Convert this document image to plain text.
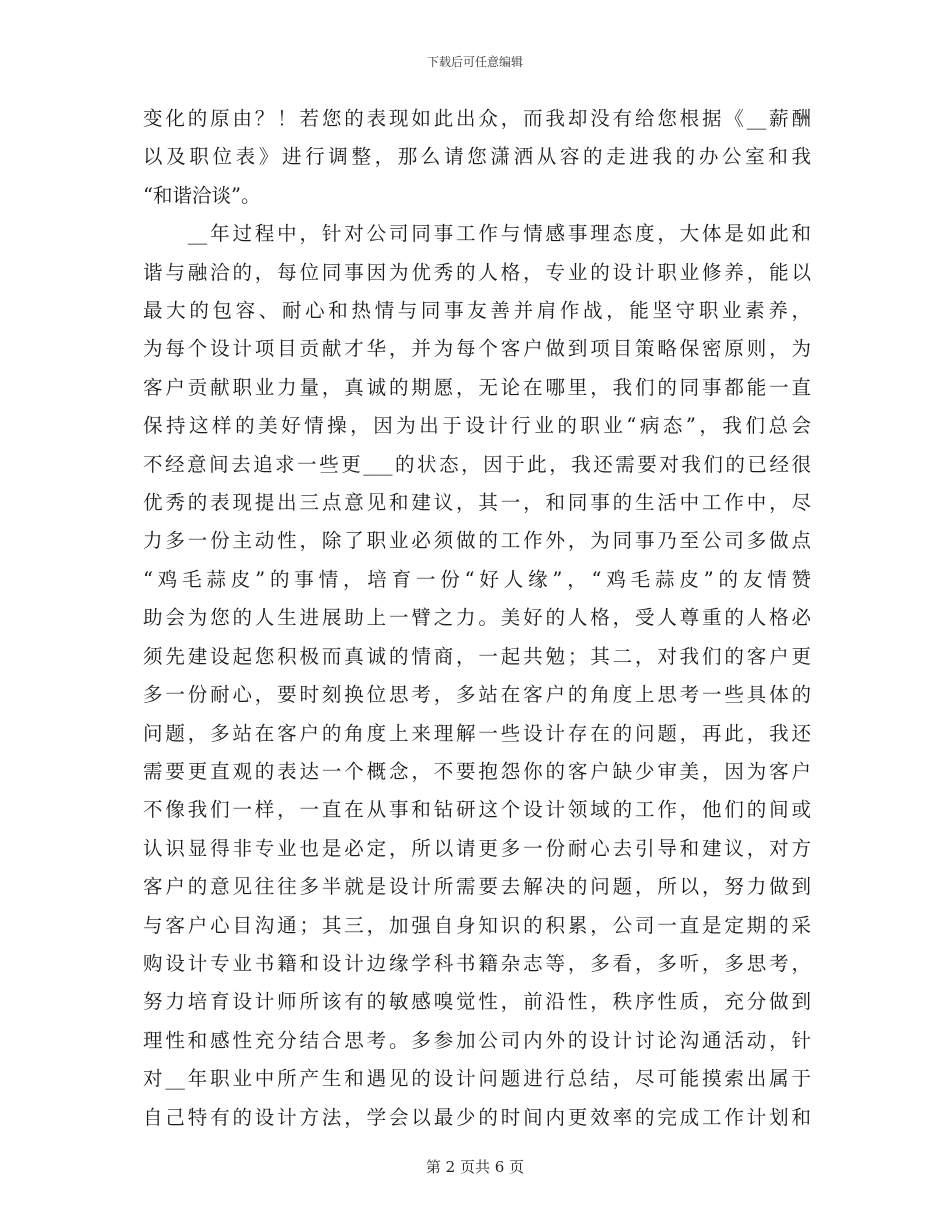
下载后可任意编辑
变化的原由？！若您的表现如此出众，而我却没有给您根据《__薪酬
以及职位表》进行调整，那么请您潇洒从容的走进我的办公室和我
“和谐洽谈”。
　　__年过程中，针对公司同事工作与情感事理态度，大体是如此和
谐与融洽的，每位同事因为优秀的人格，专业的设计职业修养，能以
最大的包容、耐心和热情与同事友善并肩作战，能坚守职业素养，
为每个设计项目贡献才华，并为每个客户做到项目策略保密原则，为
客户贡献职业力量，真诚的期愿，无论在哪里，我们的同事都能一直
保持这样的美好情操，因为出于设计行业的职业“病态”，我们总会
不经意间去追求一些更___的状态，因于此，我还需要对我们的已经很
优秀的表现提出三点意见和建议，其一，和同事的生活中工作中，尽
力多一份主动性，除了职业必须做的工作外，为同事乃至公司多做点
“鸡毛蒜皮”的事情，培育一份“好人缘”，“鸡毛蒜皮”的友情赞
助会为您的人生进展助上一臂之力。美好的人格，受人尊重的人格必
须先建设起您积极而真诚的情商，一起共勉；其二，对我们的客户更
多一份耐心，要时刻换位思考，多站在客户的角度上思考一些具体的
问题，多站在客户的角度上来理解一些设计存在的问题，再此，我还
需要更直观的表达一个概念，不要抱怨你的客户缺少审美，因为客户
不像我们一样，一直在从事和钻研这个设计领域的工作，他们的间或
认识显得非专业也是必定，所以请更多一份耐心去引导和建议，对方
客户的意见往往多半就是设计所需要去解决的问题，所以，努力做到
与客户心目沟通；其三，加强自身知识的积累，公司一直是定期的采
购设计专业书籍和设计边缘学科书籍杂志等，多看，多听，多思考，
努力培育设计师所该有的敏感嗅觉性，前沿性，秩序性质，充分做到
理性和感性充分结合思考。多参加公司内外的设计讨论沟通活动，针
对__年职业中所产生和遇见的设计问题进行总结，尽可能摸索出属于
自己特有的设计方法，学会以最少的时间内更效率的完成工作计划和
第 2 页共 6 页
